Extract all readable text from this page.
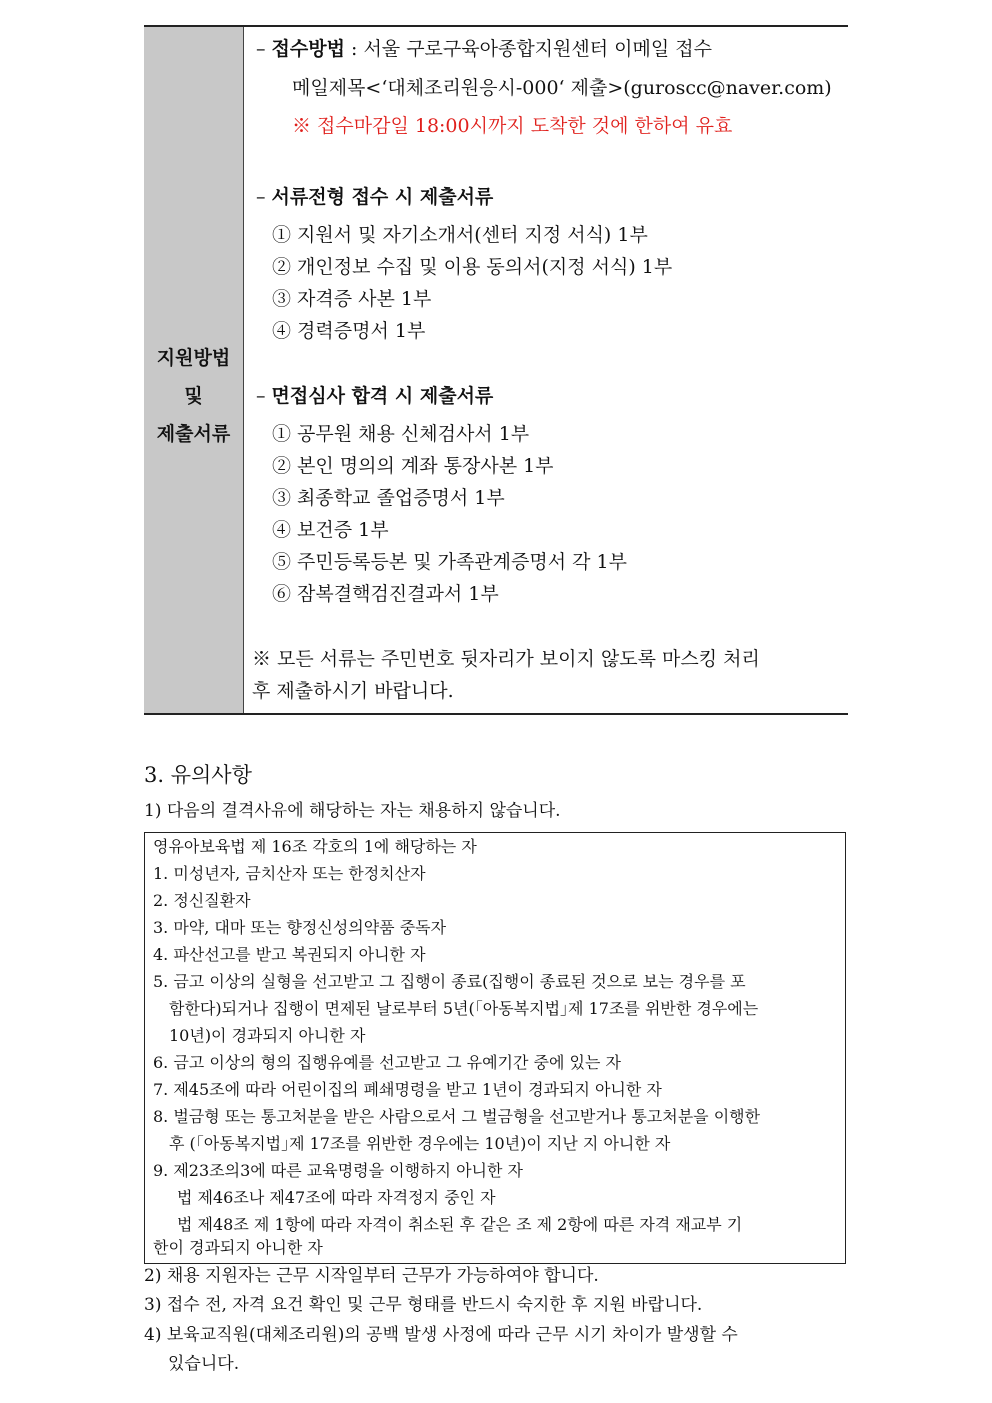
지원방법
및
제출서류
– 접수방법 : 서울 구로구육아종합지원센터 이메일 접수
메일제목<‘대체조리원응시-000‘ 제출>(guroscc@naver.com)
※ 접수마감일 18:00시까지 도착한 것에 한하여 유효
– 서류전형 접수 시 제출서류
① 지원서 및 자기소개서(센터 지정 서식) 1부
② 개인정보 수집 및 이용 동의서(지정 서식) 1부
③ 자격증 사본 1부
④ 경력증명서 1부
– 면접심사 합격 시 제출서류
① 공무원 채용 신체검사서 1부
② 본인 명의의 계좌 통장사본 1부
③ 최종학교 졸업증명서 1부
④ 보건증 1부
⑤ 주민등록등본 및 가족관계증명서 각 1부
⑥ 잠복결핵검진결과서 1부
※ 모든 서류는 주민번호 뒷자리가 보이지 않도록 마스킹 처리
후 제출하시기 바랍니다.
3. 유의사항
1) 다음의 결격사유에 해당하는 자는 채용하지 않습니다.
영유아보육법 제 16조 각호의 1에 해당하는 자
1. 미성년자, 금치산자 또는 한정치산자
2. 정신질환자
3. 마약, 대마 또는 향정신성의약품 중독자
4. 파산선고를 받고 복권되지 아니한 자
5. 금고 이상의 실형을 선고받고 그 집행이 종료(집행이 종료된 것으로 보는 경우를 포
함한다)되거나 집행이 면제된 날로부터 5년(｢아동복지법｣제 17조를 위반한 경우에는
10년)이 경과되지 아니한 자
6. 금고 이상의 형의 집행유예를 선고받고 그 유예기간 중에 있는 자
7. 제45조에 따라 어린이집의 폐쇄명령을 받고 1년이 경과되지 아니한 자
8. 벌금형 또는 통고처분을 받은 사람으로서 그 벌금형을 선고받거나 통고처분을 이행한
후 (｢아동복지법｣제 17조를 위반한 경우에는 10년)이 지난 지 아니한 자
9. 제23조의3에 따른 교육명령을 이행하지 아니한 자
법 제46조나 제47조에 따라 자격정지 중인 자
법 제48조 제 1항에 따라 자격이 취소된 후 같은 조 제 2항에 따른 자격 재교부 기
한이 경과되지 아니한 자
2) 채용 지원자는 근무 시작일부터 근무가 가능하여야 합니다.
3) 접수 전, 자격 요건 확인 및 근무 형태를 반드시 숙지한 후 지원 바랍니다.
4) 보육교직원(대체조리원)의 공백 발생 사정에 따라 근무 시기 차이가 발생할 수
있습니다.
